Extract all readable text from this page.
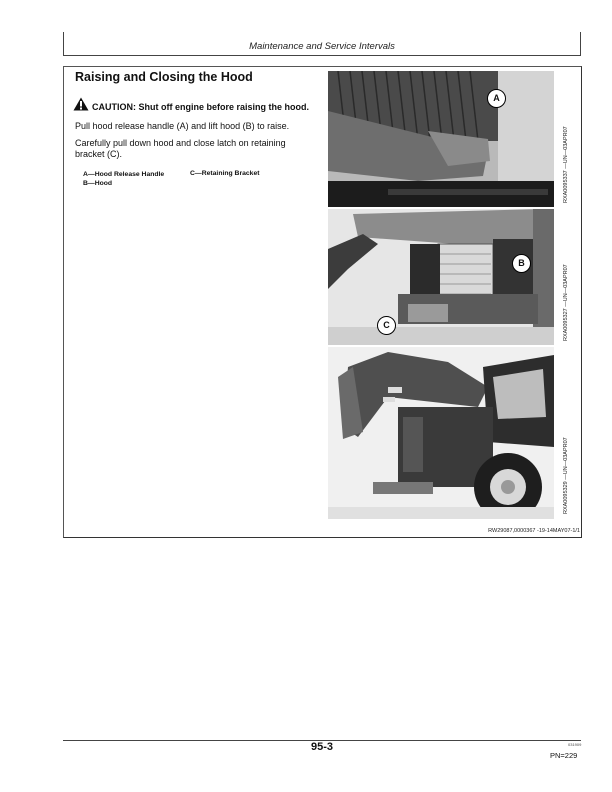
Maintenance and Service Intervals
Raising and Closing the Hood
CAUTION: Shut off engine before raising the hood.
Pull hood release handle (A) and lift hood (B) to raise.
Carefully pull down hood and close latch on retaining bracket (C).
A—Hood Release Handle
B—Hood
C—Retaining Bracket
A
RXA0095337 —UN—03APR07
B
C	RXA0095327 —UN—03APR07
RXA0095329 —UN—03APR07
RW29087,0000367 -19-14MAY07-1/1
95-3	031909
PN=229
